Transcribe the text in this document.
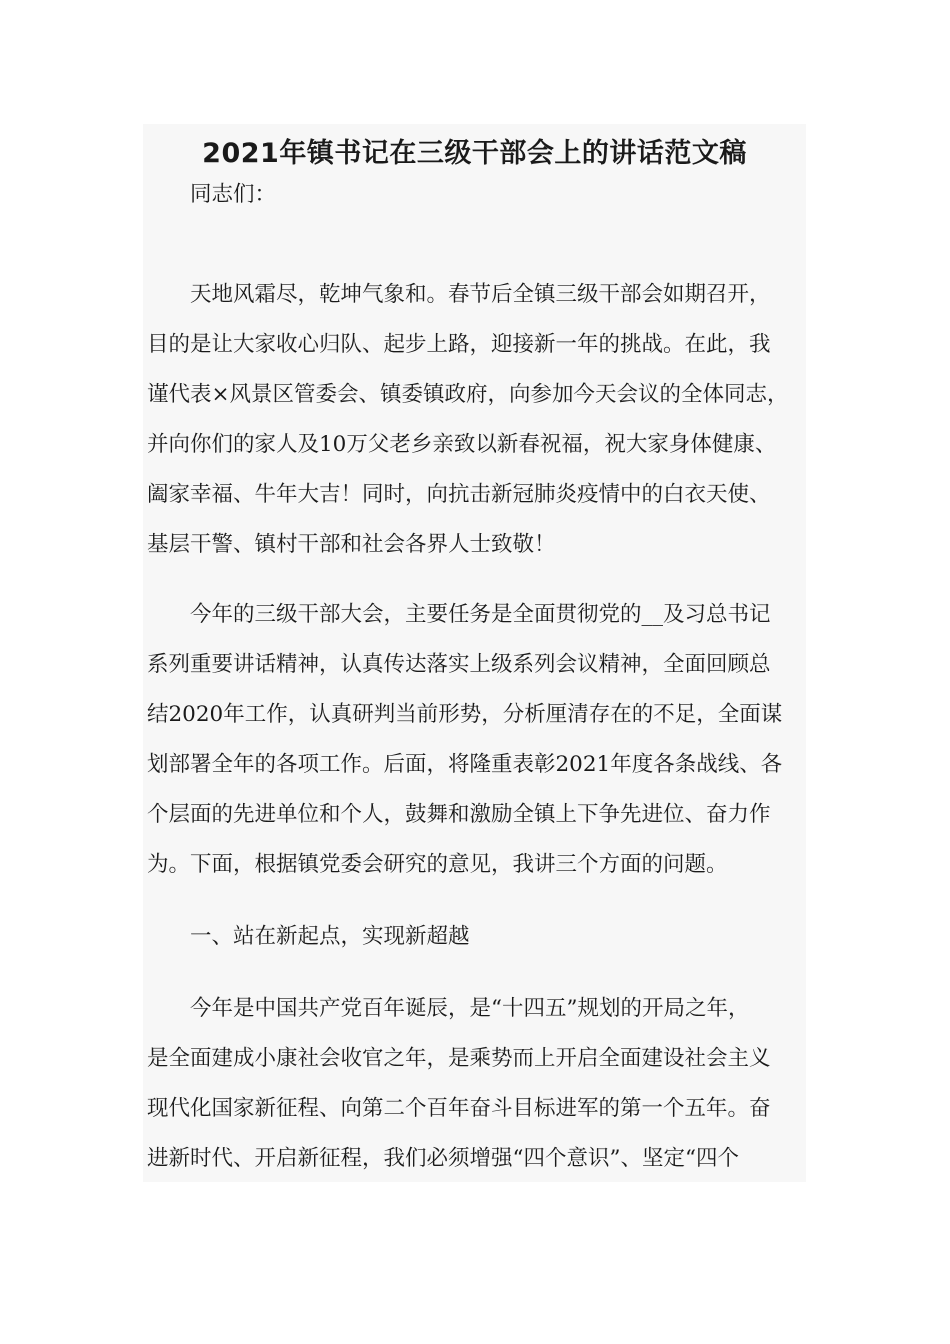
2021年镇书记在三级干部会上的讲话范文稿
同志们：
天地风霜尽，乾坤气象和。春节后全镇三级干部会如期召开，
目的是让大家收心归队、起步上路，迎接新一年的挑战。在此，我
谨代表×风景区管委会、镇委镇政府，向参加今天会议的全体同志，
并向你们的家人及10万父老乡亲致以新春祝福，祝大家身体健康、
阖家幸福、牛年大吉！同时，向抗击新冠肺炎疫情中的白衣天使、
基层干警、镇村干部和社会各界人士致敬！
今年的三级干部大会，主要任务是全面贯彻党的__及习总书记
系列重要讲话精神，认真传达落实上级系列会议精神，全面回顾总
结2020年工作，认真研判当前形势，分析厘清存在的不足，全面谋
划部署全年的各项工作。后面，将隆重表彰2021年度各条战线、各
个层面的先进单位和个人，鼓舞和激励全镇上下争先进位、奋力作
为。下面，根据镇党委会研究的意见，我讲三个方面的问题。
一、站在新起点，实现新超越
今年是中国共产党百年诞辰，是“十四五”规划的开局之年，
是全面建成小康社会收官之年，是乘势而上开启全面建设社会主义
现代化国家新征程、向第二个百年奋斗目标进军的第一个五年。奋
进新时代、开启新征程，我们必须增强“四个意识”、坚定“四个
